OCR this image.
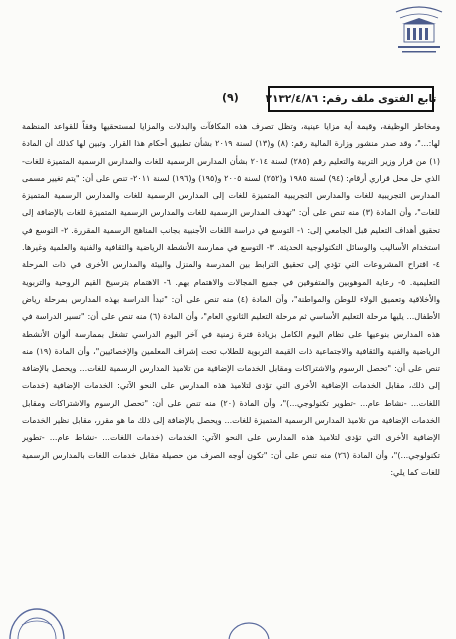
تابع الفتوى ملف رقم:
٢١٣٢/٤/٨٦
(٩)

ومخاطر الوظيفة، وقيمة أية مزايا عينية، وتظل تصرف هذه المكافآت والبدلات والمزايا لمستحقيها وفقاً للقواعد المنظمة لها:..."، وقد صدر منشور وزارة المالية رقم: (٨) و(١٣) لسنة ٢٠١٩ بشأن تطبيق أحكام هذا القرار. وتبين لها كذلك أن المادة (١) من قرار وزير التربية والتعليم رقم (٢٨٥) لسنة ٢٠١٤ بشأن المدارس الرسمية للغات والمدارس الرسمية المتميزة للغات- الذي حل محل قراري أرقام: (٩٤) لسنة ١٩٨٥ و(٢٥٢) لسنة ٢٠٠٥ و(١٩٥) و(١٩٦) لسنة ٢٠١١- تنص على أن: "يتم تغيير مسمى المدارس التجريبية للغات والمدارس التجريبية المتميزة للغات إلى المدارس الرسمية للغات والمدارس الرسمية المتميزة للغات"، وأن المادة (٣) منه تنص على أن: "تهدف المدارس الرسمية للغات والمدارس الرسمية المتميزة للغات بالإضافة إلى تحقيق أهداف التعليم قبل الجامعي إلى: ١- التوسع في دراسة اللغات الأجنبية بجانب المناهج الرسمية المقررة. ٢- التوسع في استخدام الأساليب والوسائل التكنولوجية الحديثة. ٣- التوسع في ممارسة الأنشطة الرياضية والثقافية والفنية والعلمية وغيرها. ٤- اقتراح المشروعات التي تؤدي إلى تحقيق الترابط بين المدرسة والمنزل والبيئة والمدارس الأخرى في ذات المرحلة التعليمية. ٥- رعاية الموهوبين والمتفوقين في جميع المجالات والاهتمام بهم. ٦- الاهتمام بترسيخ القيم الروحية والتربوية والأخلاقية وتعميق الولاء للوطن والمواطنة"، وأن المادة (٤) منه تنص على أن: "تبدأ الدراسة بهذه المدارس بمرحلة رياض الأطفال... يليها مرحلة التعليم الأساسي ثم مرحلة التعليم الثانوي العام"، وأن المادة (٦) منه تنص على أن: "تسير الدراسة في هذه المدارس بنوعيها على نظام اليوم الكامل بزيادة فترة زمنية في آخر اليوم الدراسي تشغل بممارسة ألوان الأنشطة الرياضية والفنية والثقافية والاجتماعية ذات القيمة التربوية للطلاب تحت إشراف المعلمين والإخصائيين"، وأن المادة (١٩) منه تنص على أن: "تحصل الرسوم والاشتراكات ومقابل الخدمات الإضافية من تلاميذ المدارس الرسمية للغات... ويحصل بالإضافة إلى ذلك، مقابل الخدمات الإضافية الأخرى التي تؤدى لتلاميذ هذه المدارس على النحو الآتي: الخدمات الإضافية (خدمات اللغات... -نشاط عام... -تطوير تكنولوجي...)"، وأن المادة (٢٠) منه تنص على أن: "تحصل الرسوم والاشتراكات ومقابل الخدمات الإضافية من تلاميذ المدارس الرسمية المتميزة للغات... ويحصل بالإضافة إلى ذلك ما هو مقرر، مقابل نظير الخدمات الإضافية الأخرى التي تؤدى لتلاميذ هذه المدارس على النحو الآتي: الخدمات (خدمات اللغات... -نشاط عام... -تطوير تكنولوجي...)"، وأن المادة (٢٦) منه تنص على أن: "تكون أوجه الصرف من حصيلة مقابل خدمات اللغات بالمدارس الرسمية للغات كما يلي:
